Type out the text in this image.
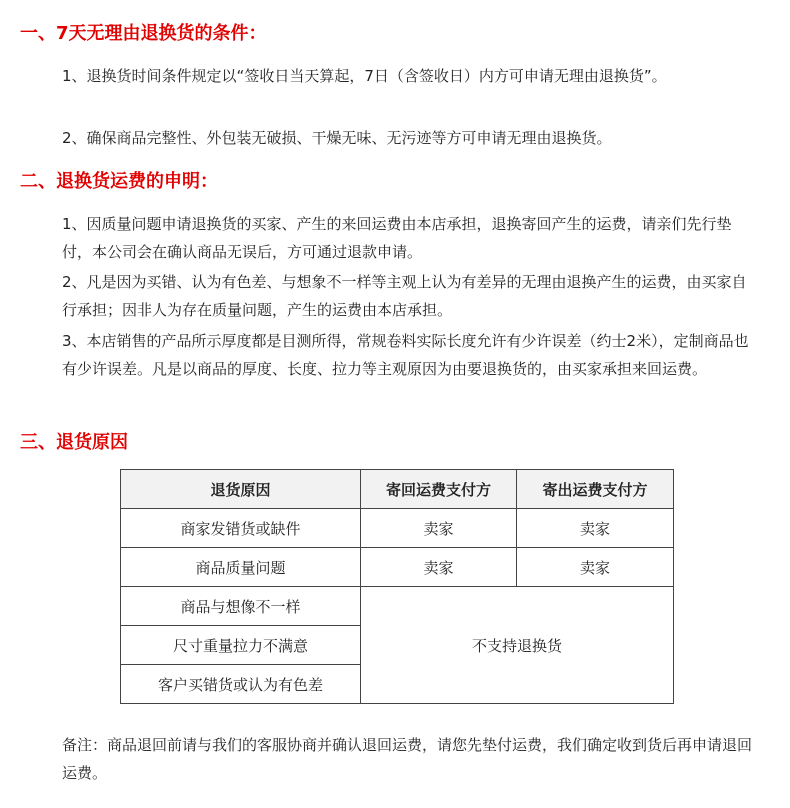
一、7天无理由退换货的条件：

1、退换货时间条件规定以“签收日当天算起，7日（含签收日）内方可申请无理由退换货”。

2、确保商品完整性、外包装无破损、干燥无味、无污迹等方可申请无理由退换货。

二、退换货运费的申明：

1、因质量问题申请退换货的买家、产生的来回运费由本店承担，退换寄回产生的运费，请亲们先行垫付，本公司会在确认商品无误后，方可通过退款申请。

2、凡是因为买错、认为有色差、与想象不一样等主观上认为有差异的无理由退换产生的运费，由买家自行承担；因非人为存在质量问题，产生的运费由本店承担。

3、本店销售的产品所示厚度都是目测所得，常规卷料实际长度允许有少许误差（约士2米），定制商品也有少许误差。凡是以商品的厚度、长度、拉力等主观原因为由要退换货的，由买家承担来回运费。

三、退货原因
退货原因	寄回运费支付方	寄出运费支付方
商家发错货或缺件	卖家	卖家
商品质量问题	卖家	卖家
商品与想像不一样	不支持退换货	
尺寸重量拉力不满意		
客户买错货或认为有色差		

备注：商品退回前请与我们的客服协商并确认退回运费，请您先垫付运费，我们确定收到货后再申请退回运费。
